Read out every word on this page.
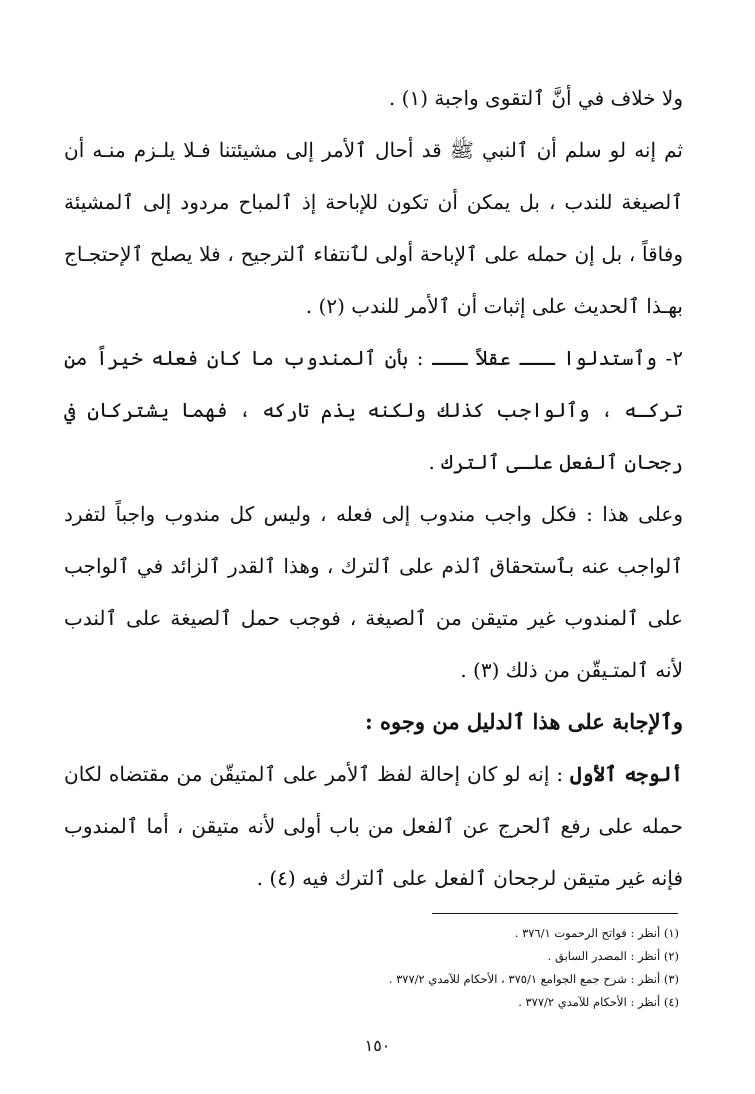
ولا خلاف في أنَّ ٱلتقوى واجبة (١) .

ثم إنه لو سلم أن ٱلنبي ﷺ قد أحال ٱلأمر إلى مشيئتنا فـلا يلـزم منـه أن ٱلصيغة للندب ، بل يمكن أن تكون للإباحة إذ ٱلمباح مردود إلى ٱلمشيئة وفاقاً ، بل إن حمله على ٱلإباحة أولى لٱنتفاء ٱلترجيح ، فلا يصلح ٱلإحتجـاج بهـذا ٱلحديث على إثبات أن ٱلأمر للندب (٢) .

٢- وٱستدلوا ـــ عقلاً ـــ : بأن ٱلمندوب ما كان فعله خيراً من تركـه ، وٱلواجب كذلك ولكنه يذم تاركه ، فهما يشتركان في رجحان ٱلفعل علـى ٱلترك .

وعلى هذا : فكل واجب مندوب إلى فعله ، وليس كل مندوب واجباً لتفرد ٱلواجب عنه بٱستحقاق ٱلذم على ٱلترك ، وهذا ٱلقدر ٱلزائد في ٱلواجب على ٱلمندوب غير متيقن من ٱلصيغة ، فوجب حمل ٱلصيغة على ٱلندب لأنه ٱلمتـيقّن من ذلك (٣) .

وٱلإجابة على هذا ٱلدليل من وجوه :

ألوجه ٱلأول : إنه لو كان إحالة لفظ ٱلأمر على ٱلمتيقّن من مقتضاه لكان حمله على رفع ٱلحرج عن ٱلفعل من باب أولى لأنه متيقن ، أما ٱلمندوب فإنه غير متيقن لرجحان ٱلفعل على ٱلترك فيه (٤) .

(١) أنظر : فواتح الرحموت ٣٧٦/١ .

(٢) أنظر : المصدر السابق .

(٣) أنظر : شرح جمع الجوامع ٣٧٥/١ ، الأحكام للآمدي ٣٧٧/٢ .

(٤) أنظر : الأحكام للآمدي ٣٧٧/٢ .

١٥٠
